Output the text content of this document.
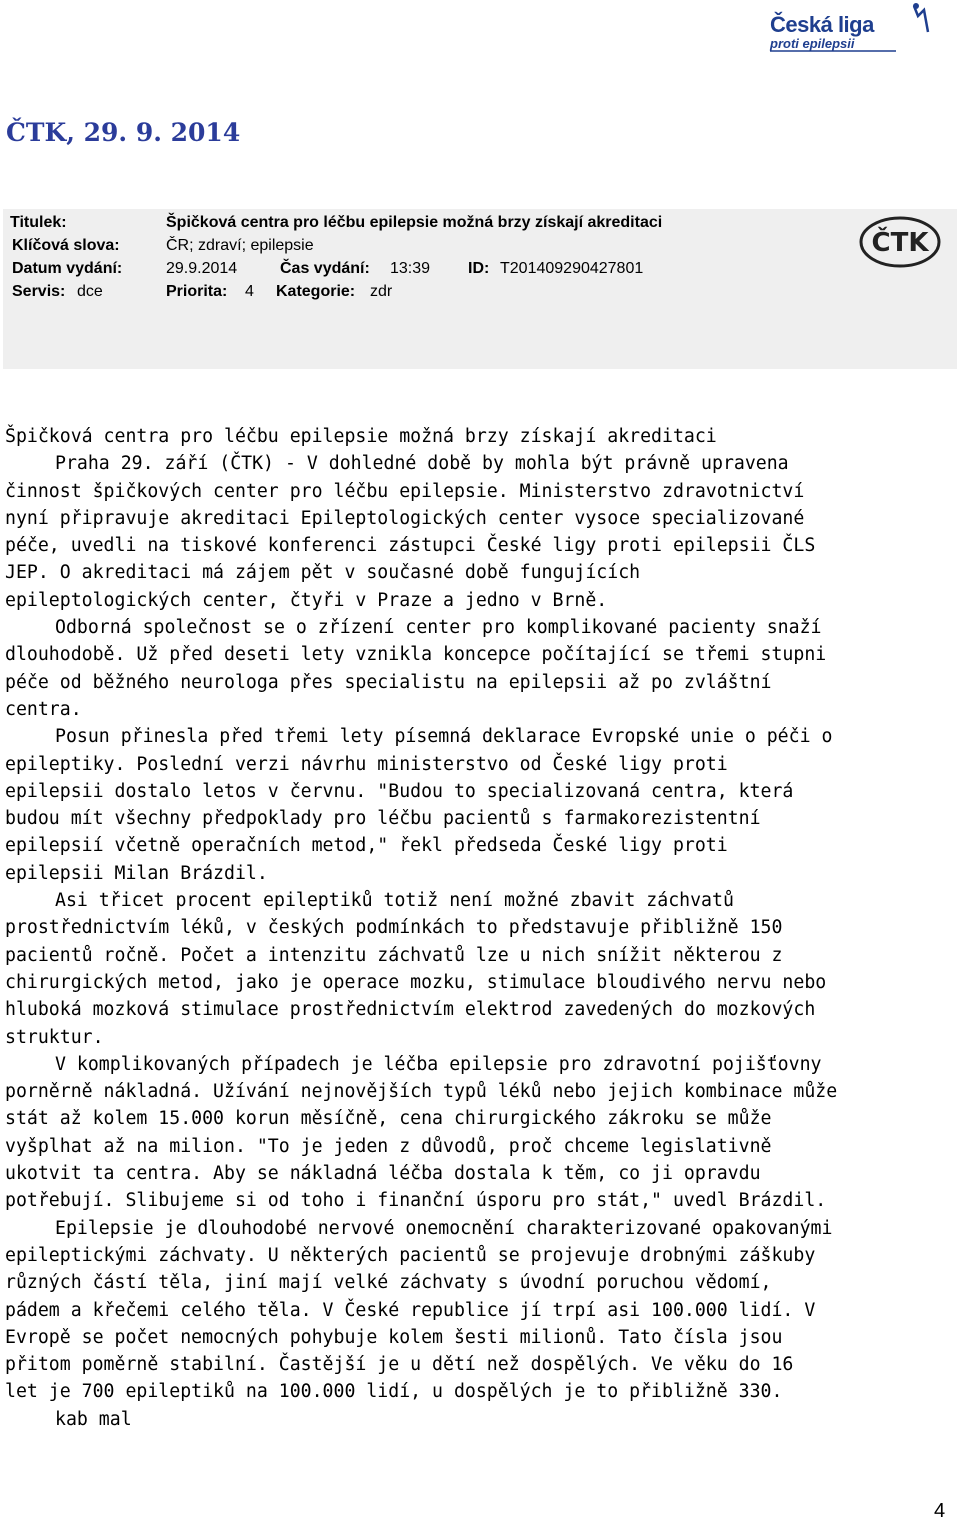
Česká liga
proti epilepsii
ČTK, 29. 9. 2014
Titulek:	Špičková centra pro léčbu epilepsie možná brzy získají akreditaci
Klíčová slova:	ČR; zdraví; epilepsie
Datum vydání:	29.9.2014	Čas vydání: 13:39 ID: T201409290427801
Servis: dce	Priorita: 4 Kategorie: zdr
ČTK

Špičková centra pro léčbu epilepsie možná brzy získají akreditaci

Praha 29. září (ČTK) - V dohledné době by mohla být právně upravena
činnost špičkových center pro léčbu epilepsie. Ministerstvo zdravotnictví
nyní připravuje akreditaci Epileptologických center vysoce specializované
péče, uvedli na tiskové konferenci zástupci České ligy proti epilepsii ČLS
JEP. O akreditaci má zájem pět v současné době fungujících
epileptologických center, čtyři v Praze a jedno v Brně.

Odborná společnost se o zřízení center pro komplikované pacienty snaží
dlouhodobě. Už před deseti lety vznikla koncepce počítající se třemi stupni
péče od běžného neurologa přes specialistu na epilepsii až po zvláštní
centra.

Posun přinesla před třemi lety písemná deklarace Evropské unie o péči o
epileptiky. Poslední verzi návrhu ministerstvo od České ligy proti
epilepsii dostalo letos v červnu. "Budou to specializovaná centra, která
budou mít všechny předpoklady pro léčbu pacientů s farmakorezistentní
epilepsií včetně operačních metod," řekl předseda České ligy proti
epilepsii Milan Brázdil.

Asi třicet procent epileptiků totiž není možné zbavit záchvatů
prostřednictvím léků, v českých podmínkách to představuje přibližně 150
pacientů ročně. Počet a intenzitu záchvatů lze u nich snížit některou z
chirurgických metod, jako je operace mozku, stimulace bloudivého nervu nebo
hluboká mozková stimulace prostřednictvím elektrod zavedených do mozkových
struktur.

V komplikovaných případech je léčba epilepsie pro zdravotní pojišťovny
porněrně nákladná. Užívání nejnovějších typů léků nebo jejich kombinace může
stát až kolem 15.000 korun měsíčně, cena chirurgického zákroku se může
vyšplhat až na milion. "To je jeden z důvodů, proč chceme legislativně
ukotvit ta centra. Aby se nákladná léčba dostala k těm, co ji opravdu
potřebují. Slibujeme si od toho i finanční úsporu pro stát," uvedl Brázdil.

Epilepsie je dlouhodobé nervové onemocnění charakterizované opakovanými
epileptickými záchvaty. U některých pacientů se projevuje drobnými záškuby
různých částí těla, jiní mají velké záchvaty s úvodní poruchou vědomí,
pádem a křečemi celého těla. V České republice jí trpí asi 100.000 lidí. V
Evropě se počet nemocných pohybuje kolem šesti milionů. Tato čísla jsou
přitom poměrně stabilní. Častější je u dětí než dospělých. Ve věku do 16
let je 700 epileptiků na 100.000 lidí, u dospělých je to přibližně 330.

kab mal

4
